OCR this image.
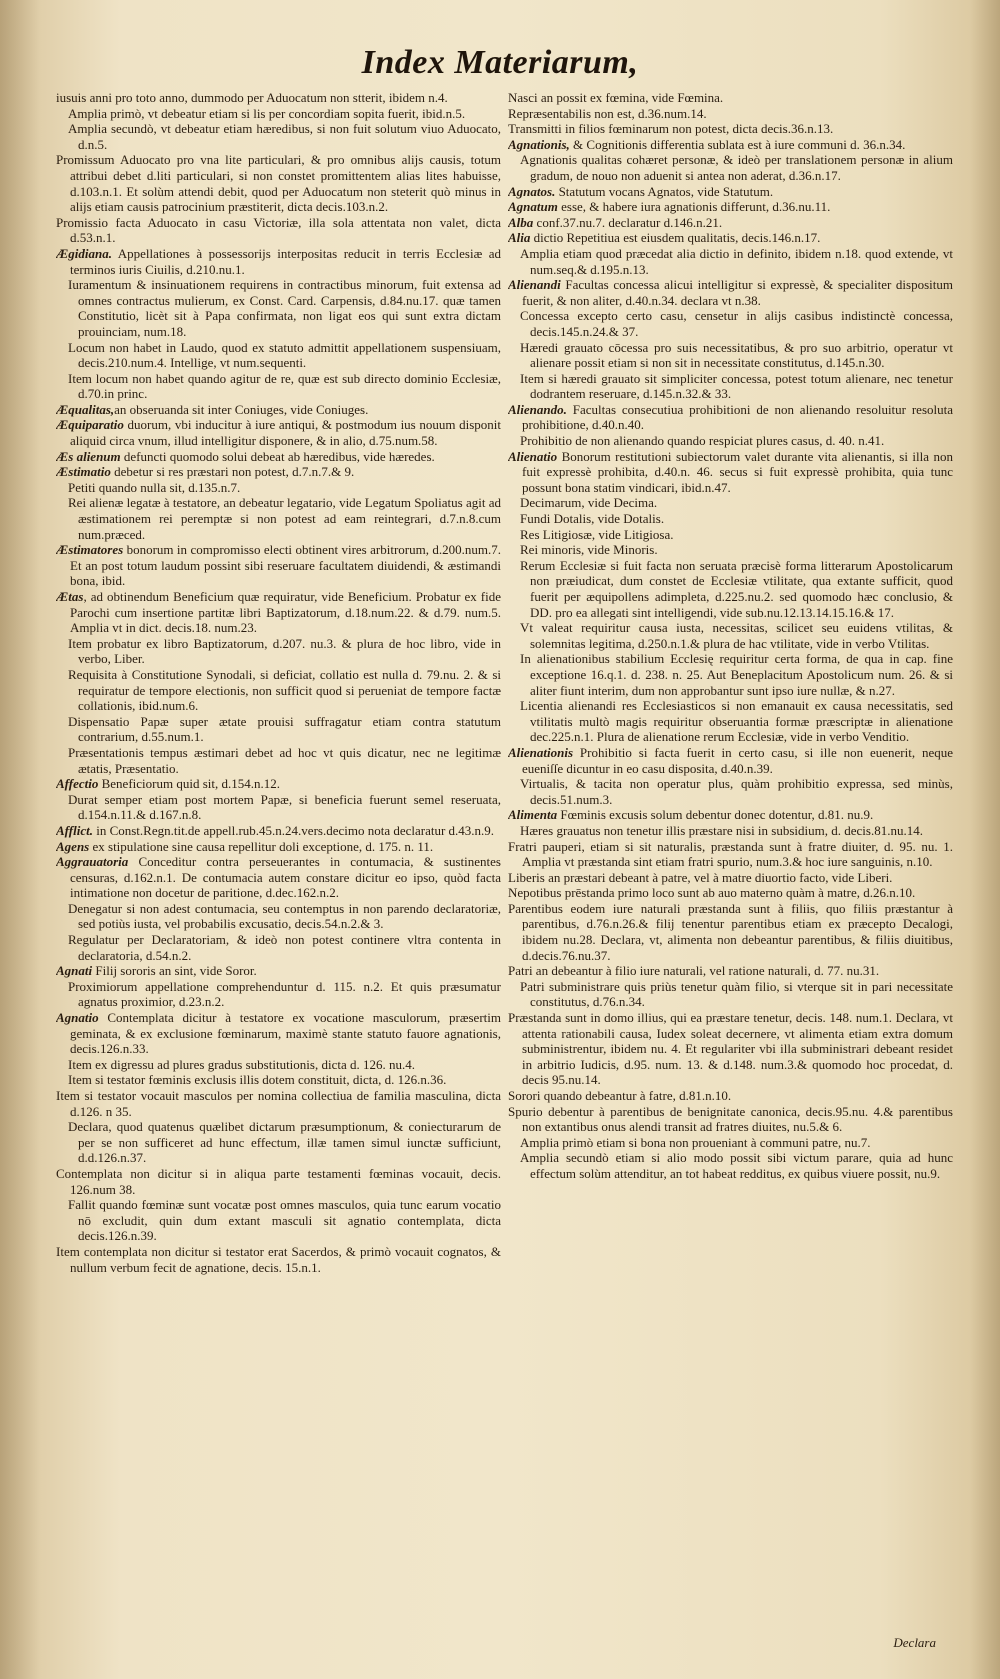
Index Materiarum,

iusuis anni pro toto anno, dummodo per Aduocatum non stterit, ibidem n.4.

Amplia primò, vt debeatur etiam si lis per concordiam sopita fuerit, ibid.n.5.

Amplia secundò, vt debeatur etiam hæredibus, si non fuit solutum viuo Aduocato, d.n.5.

Promissum Aduocato pro vna lite particulari, & pro omnibus alijs causis, totum attribui debet d.liti particulari, si non constet promittentem alias lites habuisse, d.103.n.1. Et solùm attendi debit, quod per Aduocatum non steterit quò minus in alijs etiam causis patrocinium præstiterit, dicta decis.103.n.2.

Promissio facta Aduocato in casu Victoriæ, illa sola attentata non valet, dicta d.53.n.1.

Ægidiana. Appellationes à possessorijs interpositas reducit in terris Ecclesiæ ad terminos iuris Ciuilis, d.210.nu.1.

Iuramentum & insinuationem requirens in contractibus minorum, fuit extensa ad omnes contractus mulierum, ex Const. Card. Carpensis, d.84.nu.17. quæ tamen Constitutio, licèt sit à Papa confirmata, non ligat eos qui sunt extra dictam prouinciam, num.18.

Locum non habet in Laudo, quod ex statuto admittit appellationem suspensiuam, decis.210.num.4. Intellige, vt num.sequenti.

Item locum non habet quando agitur de re, quæ est sub directo dominio Ecclesiæ, d.70.in princ.

Æqualitas,an obseruanda sit inter Coniuges, vide Coniuges.

Æquiparatio duorum, vbi inducitur à iure antiqui, & postmodum ius nouum disponit aliquid circa vnum, illud intelligitur disponere, & in alio, d.75.num.58.

Æs alienum defuncti quomodo solui debeat ab hæredibus, vide hæredes.

Æstimatio debetur si res præstari non potest, d.7.n.7.& 9.

Petiti quando nulla sit, d.135.n.7.

Rei alienæ legatæ à testatore, an debeatur legatario, vide Legatum Spoliatus agit ad æstimationem rei peremptæ si non potest ad eam reintegrari, d.7.n.8.cum num.præced.

Æstimatores bonorum in compromisso electi obtinent vires arbitrorum, d.200.num.7. Et an post totum laudum possint sibi reseruare facultatem diuidendi, & æstimandi bona, ibid.

Ætas, ad obtinendum Beneficium quæ requiratur, vide Beneficium. Probatur ex fide Parochi cum insertione partitæ libri Baptizatorum, d.18.num.22. & d.79. num.5. Amplia vt in dict. decis.18. num.23.

Item probatur ex libro Baptizatorum, d.207. nu.3. & plura de hoc libro, vide in verbo, Liber.

Requisita à Constitutione Synodali, si deficiat, collatio est nulla d. 79.nu. 2. & si requiratur de tempore electionis, non sufficit quod si perueniat de tempore factæ collationis, ibid.num.6.

Dispensatio Papæ super ætate prouisi suffragatur etiam contra statutum contrarium, d.55.num.1.

Præsentationis tempus æstimari debet ad hoc vt quis dicatur, nec ne legitimæ ætatis, Præsentatio.

Affectio Beneficiorum quid sit, d.154.n.12.

Durat semper etiam post mortem Papæ, si beneficia fuerunt semel reseruata, d.154.n.11.& d.167.n.8.

Afflict. in Const.Regn.tit.de appell.rub.45.n.24.vers.decimo nota declaratur d.43.n.9.

Agens ex stipulatione sine causa repellitur doli exceptione, d. 175. n. 11.

Aggrauatoria Conceditur contra perseuerantes in contumacia, & sustinentes censuras, d.162.n.1. De contumacia autem constare dicitur eo ipso, quòd facta intimatione non docetur de paritione, d.dec.162.n.2.

Denegatur si non adest contumacia, seu contemptus in non parendo declaratoriæ, sed potiùs iusta, vel probabilis excusatio, decis.54.n.2.& 3.

Regulatur per Declaratoriam, & ideò non potest continere vltra contenta in declaratoria, d.54.n.2.

Agnati Filij sororis an sint, vide Soror.

Proximiorum appellatione comprehenduntur d. 115. n.2. Et quis præsumatur agnatus proximior, d.23.n.2.

Agnatio Contemplata dicitur à testatore ex vocatione masculorum, præsertim geminata, & ex exclusione fœminarum, maximè stante statuto fauore agnationis, decis.126.n.33.

Item ex digressu ad plures gradus substitutionis, dicta d. 126. nu.4.

Item si testator fœminis exclusis illis dotem constituit, dicta, d. 126.n.36.

Item si testator vocauit masculos per nomina collectiua de familia masculina, dicta d.126. n 35.

Declara, quod quatenus quælibet dictarum præsumptionum, & coniecturarum de per se non sufficeret ad hunc effectum, illæ tamen simul iunctæ sufficiunt, d.d.126.n.37.

Contemplata non dicitur si in aliqua parte testamenti fœminas vocauit, decis. 126.num 38.

Fallit quando fœminæ sunt vocatæ post omnes masculos, quia tunc earum vocatio nō excludit, quin dum extant masculi sit agnatio contemplata, dicta decis.126.n.39.

Item contemplata non dicitur si testator erat Sacerdos, & primò vocauit cognatos, & nullum verbum fecit de agnatione, decis. 15.n.1.

Nasci an possit ex fœmina, vide Fœmina.

Repræsentabilis non est, d.36.num.14.

Transmitti in filios fœminarum non potest, dicta decis.36.n.13.

Agnationis, & Cognitionis differentia sublata est à iure communi d. 36.n.34.

Agnationis qualitas cohæret personæ, & ideò per translationem personæ in alium gradum, de nouo non aduenit si antea non aderat, d.36.n.17.

Agnatos. Statutum vocans Agnatos, vide Statutum.

Agnatum esse, & habere iura agnationis differunt, d.36.nu.11.

Alba conf.37.nu.7. declaratur d.146.n.21.

Alia dictio Repetitiua est eiusdem qualitatis, decis.146.n.17.

Amplia etiam quod præcedat alia dictio in definito, ibidem n.18. quod extende, vt num.seq.& d.195.n.13.

Alienandi Facultas concessa alicui intelligitur si expressè, & specialiter dispositum fuerit, & non aliter, d.40.n.34. declara vt n.38.

Concessa excepto certo casu, censetur in alijs casibus indistinctè concessa, decis.145.n.24.& 37.

Hæredi grauato cōcessa pro suis necessitatibus, & pro suo arbitrio, operatur vt alienare possit etiam si non sit in necessitate constitutus, d.145.n.30.

Item si hæredi grauato sit simpliciter concessa, potest totum alienare, nec tenetur dodrantem reseruare, d.145.n.32.& 33.

Alienando. Facultas consecutiua prohibitioni de non alienando resoluitur resoluta prohibitione, d.40.n.40.

Prohibitio de non alienando quando respiciat plures casus, d. 40. n.41.

Alienatio Bonorum restitutioni subiectorum valet durante vita alienantis, si illa non fuit expressè prohibita, d.40.n. 46. secus si fuit expressè prohibita, quia tunc possunt bona statim vindicari, ibid.n.47.

Decimarum, vide Decima.

Fundi Dotalis, vide Dotalis.

Res Litigiosæ, vide Litigiosa.

Rei minoris, vide Minoris.

Rerum Ecclesiæ si fuit facta non seruata præcisè forma litterarum Apostolicarum non præiudicat, dum constet de Ecclesiæ vtilitate, qua extante sufficit, quod fuerit per æquipollens adimpleta, d.225.nu.2. sed quomodo hæc conclusio, & DD. pro ea allegati sint intelligendi, vide sub.nu.12.13.14.15.16.& 17.

Vt valeat requiritur causa iusta, necessitas, scilicet seu euidens vtilitas, & solemnitas legitima, d.250.n.1.& plura de hac vtilitate, vide in verbo Vtilitas.

In alienationibus stabilium Ecclesię requiritur certa forma, de qua in cap. fine exceptione 16.q.1. d. 238. n. 25. Aut Beneplacitum Apostolicum num. 26. & si aliter fiunt interim, dum non approbantur sunt ipso iure nullæ, & n.27.

Licentia alienandi res Ecclesiasticos si non emanauit ex causa necessitatis, sed vtilitatis multò magis requiritur obseruantia formæ præscriptæ in alienatione dec.225.n.1. Plura de alienatione rerum Ecclesiæ, vide in verbo Venditio.

Alienationis Prohibitio si facta fuerit in certo casu, si ille non euenerit, neque eueniſſe dicuntur in eo casu disposita, d.40.n.39.

Virtualis, & tacita non operatur plus, quàm prohibitio expressa, sed minùs, decis.51.num.3.

Alimenta Fœminis excusis solum debentur donec dotentur, d.81. nu.9.

Hæres grauatus non tenetur illis præstare nisi in subsidium, d. decis.81.nu.14.

Fratri pauperi, etiam si sit naturalis, præstanda sunt à fratre diuiter, d. 95. nu. 1. Amplia vt præstanda sint etiam fratri spurio, num.3.& hoc iure sanguinis, n.10.

Liberis an præstari debeant à patre, vel à matre diuortio facto, vide Liberi.

Nepotibus prēstanda primo loco sunt ab auo materno quàm à matre, d.26.n.10.

Parentibus eodem iure naturali præstanda sunt à filiis, quo filiis præstantur à parentibus, d.76.n.26.& filij tenentur parentibus etiam ex præcepto Decalogi, ibidem nu.28. Declara, vt, alimenta non debeantur parentibus, & filiis diuitibus, d.decis.76.nu.37.

Patri an debeantur à filio iure naturali, vel ratione naturali, d. 77. nu.31.

Patri subministrare quis priùs tenetur quàm filio, si vterque sit in pari necessitate constitutus, d.76.n.34.

Præstanda sunt in domo illius, qui ea præstare tenetur, decis. 148. num.1. Declara, vt attenta rationabili causa, Iudex soleat decernere, vt alimenta etiam extra domum subministrentur, ibidem nu. 4. Et regulariter vbi illa subministrari debeant residet in arbitrio Iudicis, d.95. num. 13. & d.148. num.3.& quomodo hoc procedat, d. decis 95.nu.14.

Sorori quando debeantur à fatre, d.81.n.10.

Spurio debentur à parentibus de benignitate canonica, decis.95.nu. 4.& parentibus non extantibus onus alendi transit ad fratres diuites, nu.5.& 6.

Amplia primò etiam si bona non proueniant à communi patre, nu.7.

Amplia secundò etiam si alio modo possit sibi victum parare, quia ad hunc effectum solùm attenditur, an tot habeat redditus, ex quibus viuere possit, nu.9.

Declara
